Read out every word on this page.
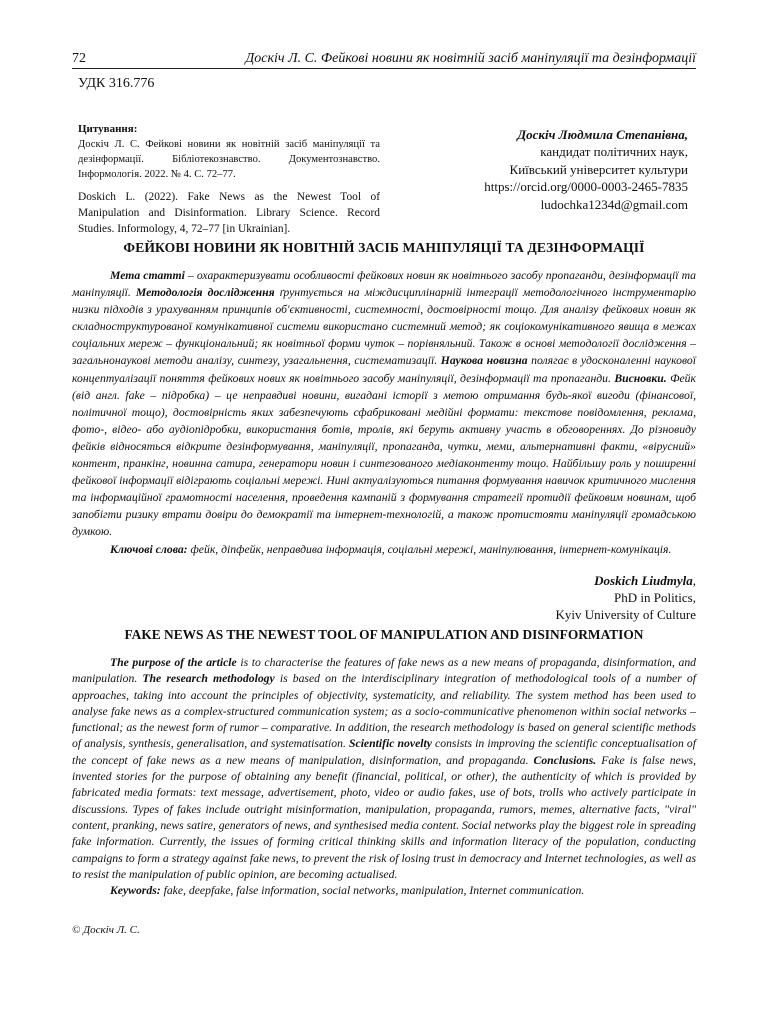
72	Доскіч Л. С. Фейкові новини як новітній засіб маніпуляції та дезінформації
УДК 316.776
Цитування:

Доскіч Л. С. Фейкові новини як новітній засіб маніпуляції та дезінформації. Бібліотекознавство. Документознавство. Інформологія. 2022. № 4. С. 72–77.

Doskich L. (2022). Fake News as the Newest Tool of Manipulation and Disinformation. Library Science. Record Studies. Informology, 4, 72–77 [in Ukrainian].

Доскіч Людмила Степанівна,
кандидат політичних наук,
Київський університет культури
https://orcid.org/0000-0003-2465-7835
ludochka1234d@gmail.com
ФЕЙКОВІ НОВИНИ ЯК НОВІТНІЙ ЗАСІБ МАНІПУЛЯЦІЇ ТА ДЕЗІНФОРМАЦІЇ

Мета статті – охарактеризувати особливості фейкових новин як новітнього засобу пропаганди, дезінформації та маніпуляції. Методологія дослідження ґрунтується на міждисциплінарній інтеграції методологічного інструментарію низки підходів з урахуванням принципів об'єктивності, системності, достовірності тощо. Для аналізу фейкових новин як складноструктурованої комунікативної системи використано системний метод; як соціокомунікативного явища в межах соціальних мереж – функціональний; як новітньої форми чуток – порівняльний. Також в основі методології дослідження – загальнонаукові методи аналізу, синтезу, узагальнення, систематизації. Наукова новизна полягає в удосконаленні наукової концептуалізації поняття фейкових нових як новітнього засобу маніпуляції, дезінформації та пропаганди. Висновки. Фейк (від англ. fake – підробка) – це неправдиві новини, вигадані історії з метою отримання будь-якої вигоди (фінансової, політичної тощо), достовірність яких забезпечують сфабриковані медійні формати: текстове повідомлення, реклама, фото-, відео- або аудіопідробки, використання ботів, тролів, які беруть активну участь в обговореннях. До різновиду фейків відносяться відкрите дезінформування, маніпуляції, пропаганда, чутки, меми, альтернативні факти, «вірусний» контент, пранкінг, новинна сатира, генератори новин і синтезованого медіаконтенту тощо. Найбільшу роль у поширенні фейкової інформації відіграють соціальні мережі. Нині актуалізуються питання формування навичок критичного мислення та інформаційної грамотності населення, проведення кампаній з формування стратегії протидії фейковим новинам, щоб запобігти ризику втрати довіри до демократії та інтернет-технологій, а також протистояти маніпуляції громадською думкою.

Ключові слова: фейк, діпфейк, неправдива інформація, соціальні мережі, маніпулювання, інтернет-комунікація.

Doskich Liudmyla,
PhD in Politics,
Kyiv University of Culture
FAKE NEWS AS THE NEWEST TOOL OF MANIPULATION AND DISINFORMATION

The purpose of the article is to characterise the features of fake news as a new means of propaganda, disinformation, and manipulation. The research methodology is based on the interdisciplinary integration of methodological tools of a number of approaches, taking into account the principles of objectivity, systematicity, and reliability. The system method has been used to analyse fake news as a complex-structured communication system; as a socio-communicative phenomenon within social networks – functional; as the newest form of rumor – comparative. In addition, the research methodology is based on general scientific methods of analysis, synthesis, generalisation, and systematisation. Scientific novelty consists in improving the scientific conceptualisation of the concept of fake news as a new means of manipulation, disinformation, and propaganda. Conclusions. Fake is false news, invented stories for the purpose of obtaining any benefit (financial, political, or other), the authenticity of which is provided by fabricated media formats: text message, advertisement, photo, video or audio fakes, use of bots, trolls who actively participate in discussions. Types of fakes include outright misinformation, manipulation, propaganda, rumors, memes, alternative facts, "viral" content, pranking, news satire, generators of news, and synthesised media content. Social networks play the biggest role in spreading fake information. Currently, the issues of forming critical thinking skills and information literacy of the population, conducting campaigns to form a strategy against fake news, to prevent the risk of losing trust in democracy and Internet technologies, as well as to resist the manipulation of public opinion, are becoming actualised.

Keywords: fake, deepfake, false information, social networks, manipulation, Internet communication.

© Доскіч Л. С.
